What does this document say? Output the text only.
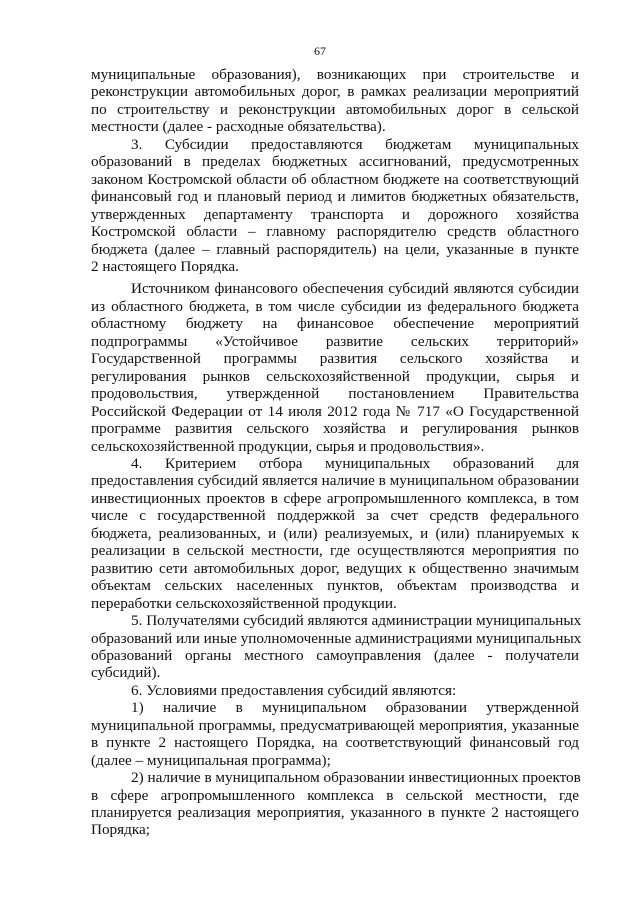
67
муниципальные образования), возникающих при строительстве и
реконструкции автомобильных дорог, в рамках реализации мероприятий
по строительству и реконструкции автомобильных дорог в сельской
местности (далее - расходные обязательства).
3. Субсидии предоставляются бюджетам муниципальных
образований в пределах бюджетных ассигнований, предусмотренных
законом Костромской области об областном бюджете на соответствующий
финансовый год и плановый период и лимитов бюджетных обязательств,
утвержденных департаменту транспорта и дорожного хозяйства
Костромской области – главному распорядителю средств областного
бюджета (далее – главный распорядитель) на цели, указанные в пункте
2 настоящего Порядка.
Источником финансового обеспечения субсидий являются субсидии
из областного бюджета, в том числе субсидии из федерального бюджета
областному бюджету на финансовое обеспечение мероприятий
подпрограммы «Устойчивое развитие сельских территорий»
Государственной программы развития сельского хозяйства и
регулирования рынков сельскохозяйственной продукции, сырья и
продовольствия, утвержденной постановлением Правительства
Российской Федерации от 14 июля 2012 года № 717 «О Государственной
программе развития сельского хозяйства и регулирования рынков
сельскохозяйственной продукции, сырья и продовольствия».
4. Критерием отбора муниципальных образований для
предоставления субсидий является наличие в муниципальном образовании
инвестиционных проектов в сфере агропромышленного комплекса, в том
числе с государственной поддержкой за счет средств федерального
бюджета, реализованных, и (или) реализуемых, и (или) планируемых к
реализации в сельской местности, где осуществляются мероприятия по
развитию сети автомобильных дорог, ведущих к общественно значимым
объектам сельских населенных пунктов, объектам производства и
переработки сельскохозяйственной продукции.
5. Получателями субсидий являются администрации муниципальных
образований или иные уполномоченные администрациями муниципальных
образований органы местного самоуправления (далее - получатели
субсидий).
6. Условиями предоставления субсидий являются:
1) наличие в муниципальном образовании утвержденной
муниципальной программы, предусматривающей мероприятия, указанные
в пункте 2 настоящего Порядка, на соответствующий финансовый год
(далее – муниципальная программа);
2) наличие в муниципальном образовании инвестиционных проектов
в сфере агропромышленного комплекса в сельской местности, где
планируется реализация мероприятия, указанного в пункте 2 настоящего
Порядка;
